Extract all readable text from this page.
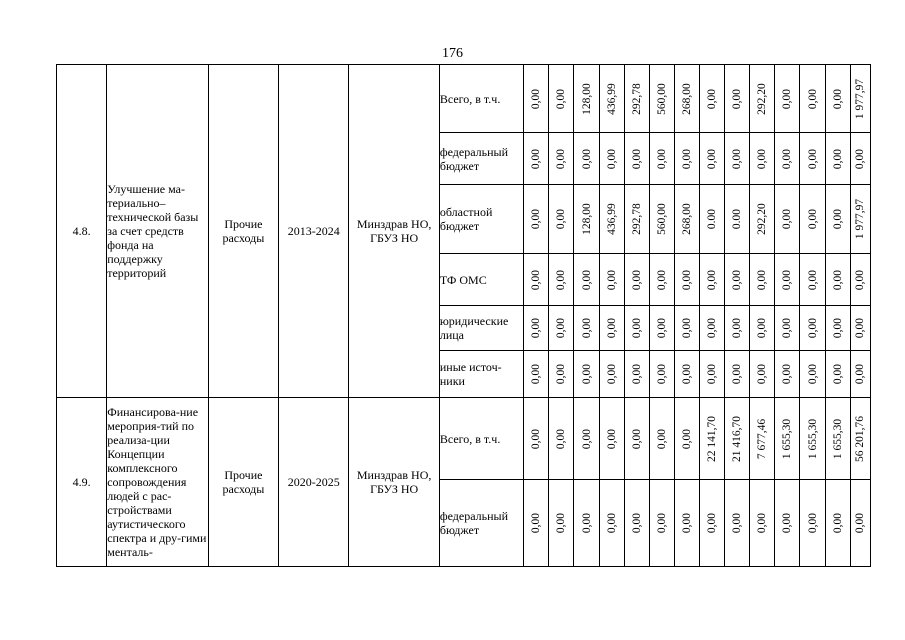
176
4.8.	Улучшение ма-териально–технической базы за счет средств фонда на поддержку территорий	Прочие расходы	2013-2024	Минздрав НО, ГБУЗ НО	Всего, в т.ч.	0,00	0,00	128,00	436,99	292,78	560,00	268,00	0,00	0,00	292,20	0,00	0,00	0,00	1 977,97

					федеральный бюджет	0,00	0,00	0,00	0,00	0,00	0,00	0,00	0,00	0,00	0,00	0,00	0,00	0,00	0,00

					областной бюджет	0,00	0,00	128,00	436,99	292,78	560,00	268,00	0.00	0.00	292,20	0,00	0,00	0,00	1 977,97

					ТФ ОМС	0,00	0,00	0,00	0,00	0,00	0,00	0,00	0,00	0,00	0,00	0,00	0,00	0,00	0,00

					юридические лица	0,00	0,00	0,00	0,00	0,00	0,00	0,00	0,00	0,00	0,00	0,00	0,00	0,00	0,00

					иные источ-ники	0,00	0,00	0,00	0,00	0,00	0,00	0,00	0,00	0,00	0,00	0,00	0,00	0,00	0,00

4.9.	Финансирова-ние мероприя-тий по реализа-ции Концепции комплексного сопровождения людей с рас-стройствами аутистического спектра и дру-гими менталь-	Прочие расходы	2020-2025	Минздрав НО, ГБУЗ НО	Всего, в т.ч.	0,00	0,00	0,00	0,00	0,00	0,00	0,00	22 141,70	21 416,70	7 677,46	1 655,30	1 655,30	1 655,30	56 201,76

					федеральный бюджет	0,00	0,00	0,00	0,00	0,00	0,00	0,00	0,00	0,00	0,00	0,00	0,00	0,00	0,00
